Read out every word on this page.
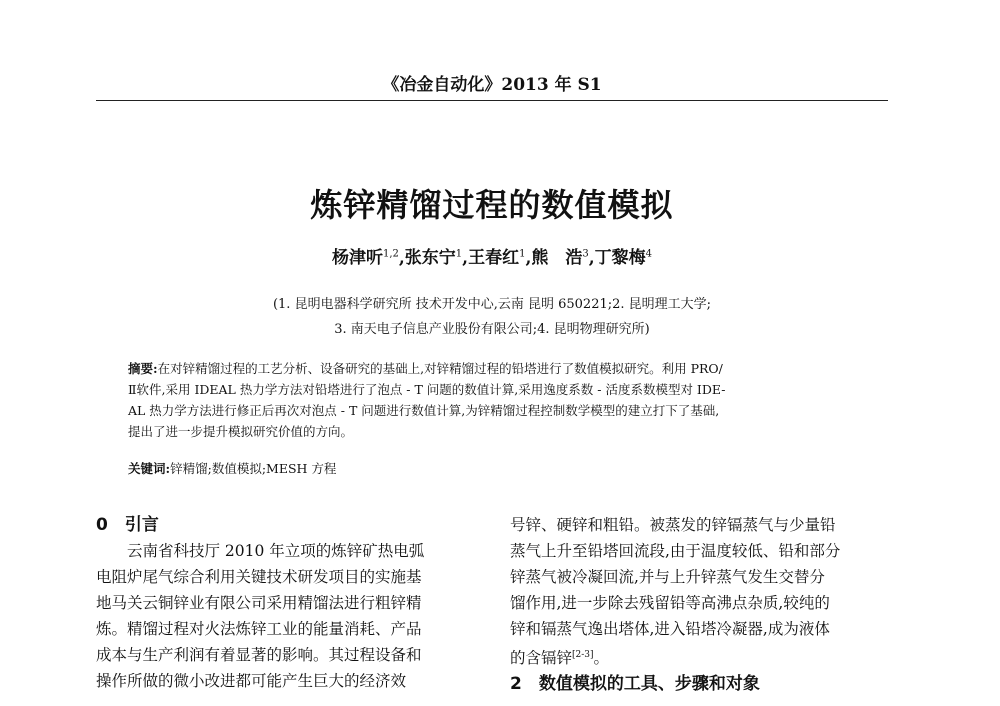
《冶金自动化》2013 年 S1
炼锌精馏过程的数值模拟
杨津听$^{1,2}$,张东宁$^1$,王春红$^1$,熊　浩$^3$,丁黎梅$^4$
(1. 昆明电器科学研究所 技术开发中心,云南 昆明 650221;2. 昆明理工大学;
3. 南天电子信息产业股份有限公司;4. 昆明物理研究所)
摘要:在对锌精馏过程的工艺分析、设备研究的基础上,对锌精馏过程的铅塔进行了数值模拟研究。利用 PRO/
Ⅱ软件,采用 IDEAL 热力学方法对铅塔进行了泡点 - T 问题的数值计算,采用逸度系数 - 活度系数模型对 IDE-
AL 热力学方法进行修正后再次对泡点 - T 问题进行数值计算,为锌精馏过程控制数学模型的建立打下了基础,
提出了进一步提升模拟研究价值的方向。
关键词:锌精馏;数值模拟;MESH 方程
0　引言
　　云南省科技厅 2010 年立项的炼锌矿热电弧
电阻炉尾气综合利用关键技术研发项目的实施基
地马关云铜锌业有限公司采用精馏法进行粗锌精
炼。精馏过程对火法炼锌工业的能量消耗、产品
成本与生产利润有着显著的影响。其过程设备和
操作所做的微小改进都可能产生巨大的经济效
号锌、硬锌和粗铅。被蒸发的锌镉蒸气与少量铅
蒸气上升至铅塔回流段,由于温度较低、铅和部分
锌蒸气被冷凝回流,并与上升锌蒸气发生交替分
馏作用,进一步除去残留铅等高沸点杂质,较纯的
锌和镉蒸气逸出塔体,进入铅塔冷凝器,成为液体
的含镉锌[2-3]。
2　数值模拟的工具、步骤和对象
